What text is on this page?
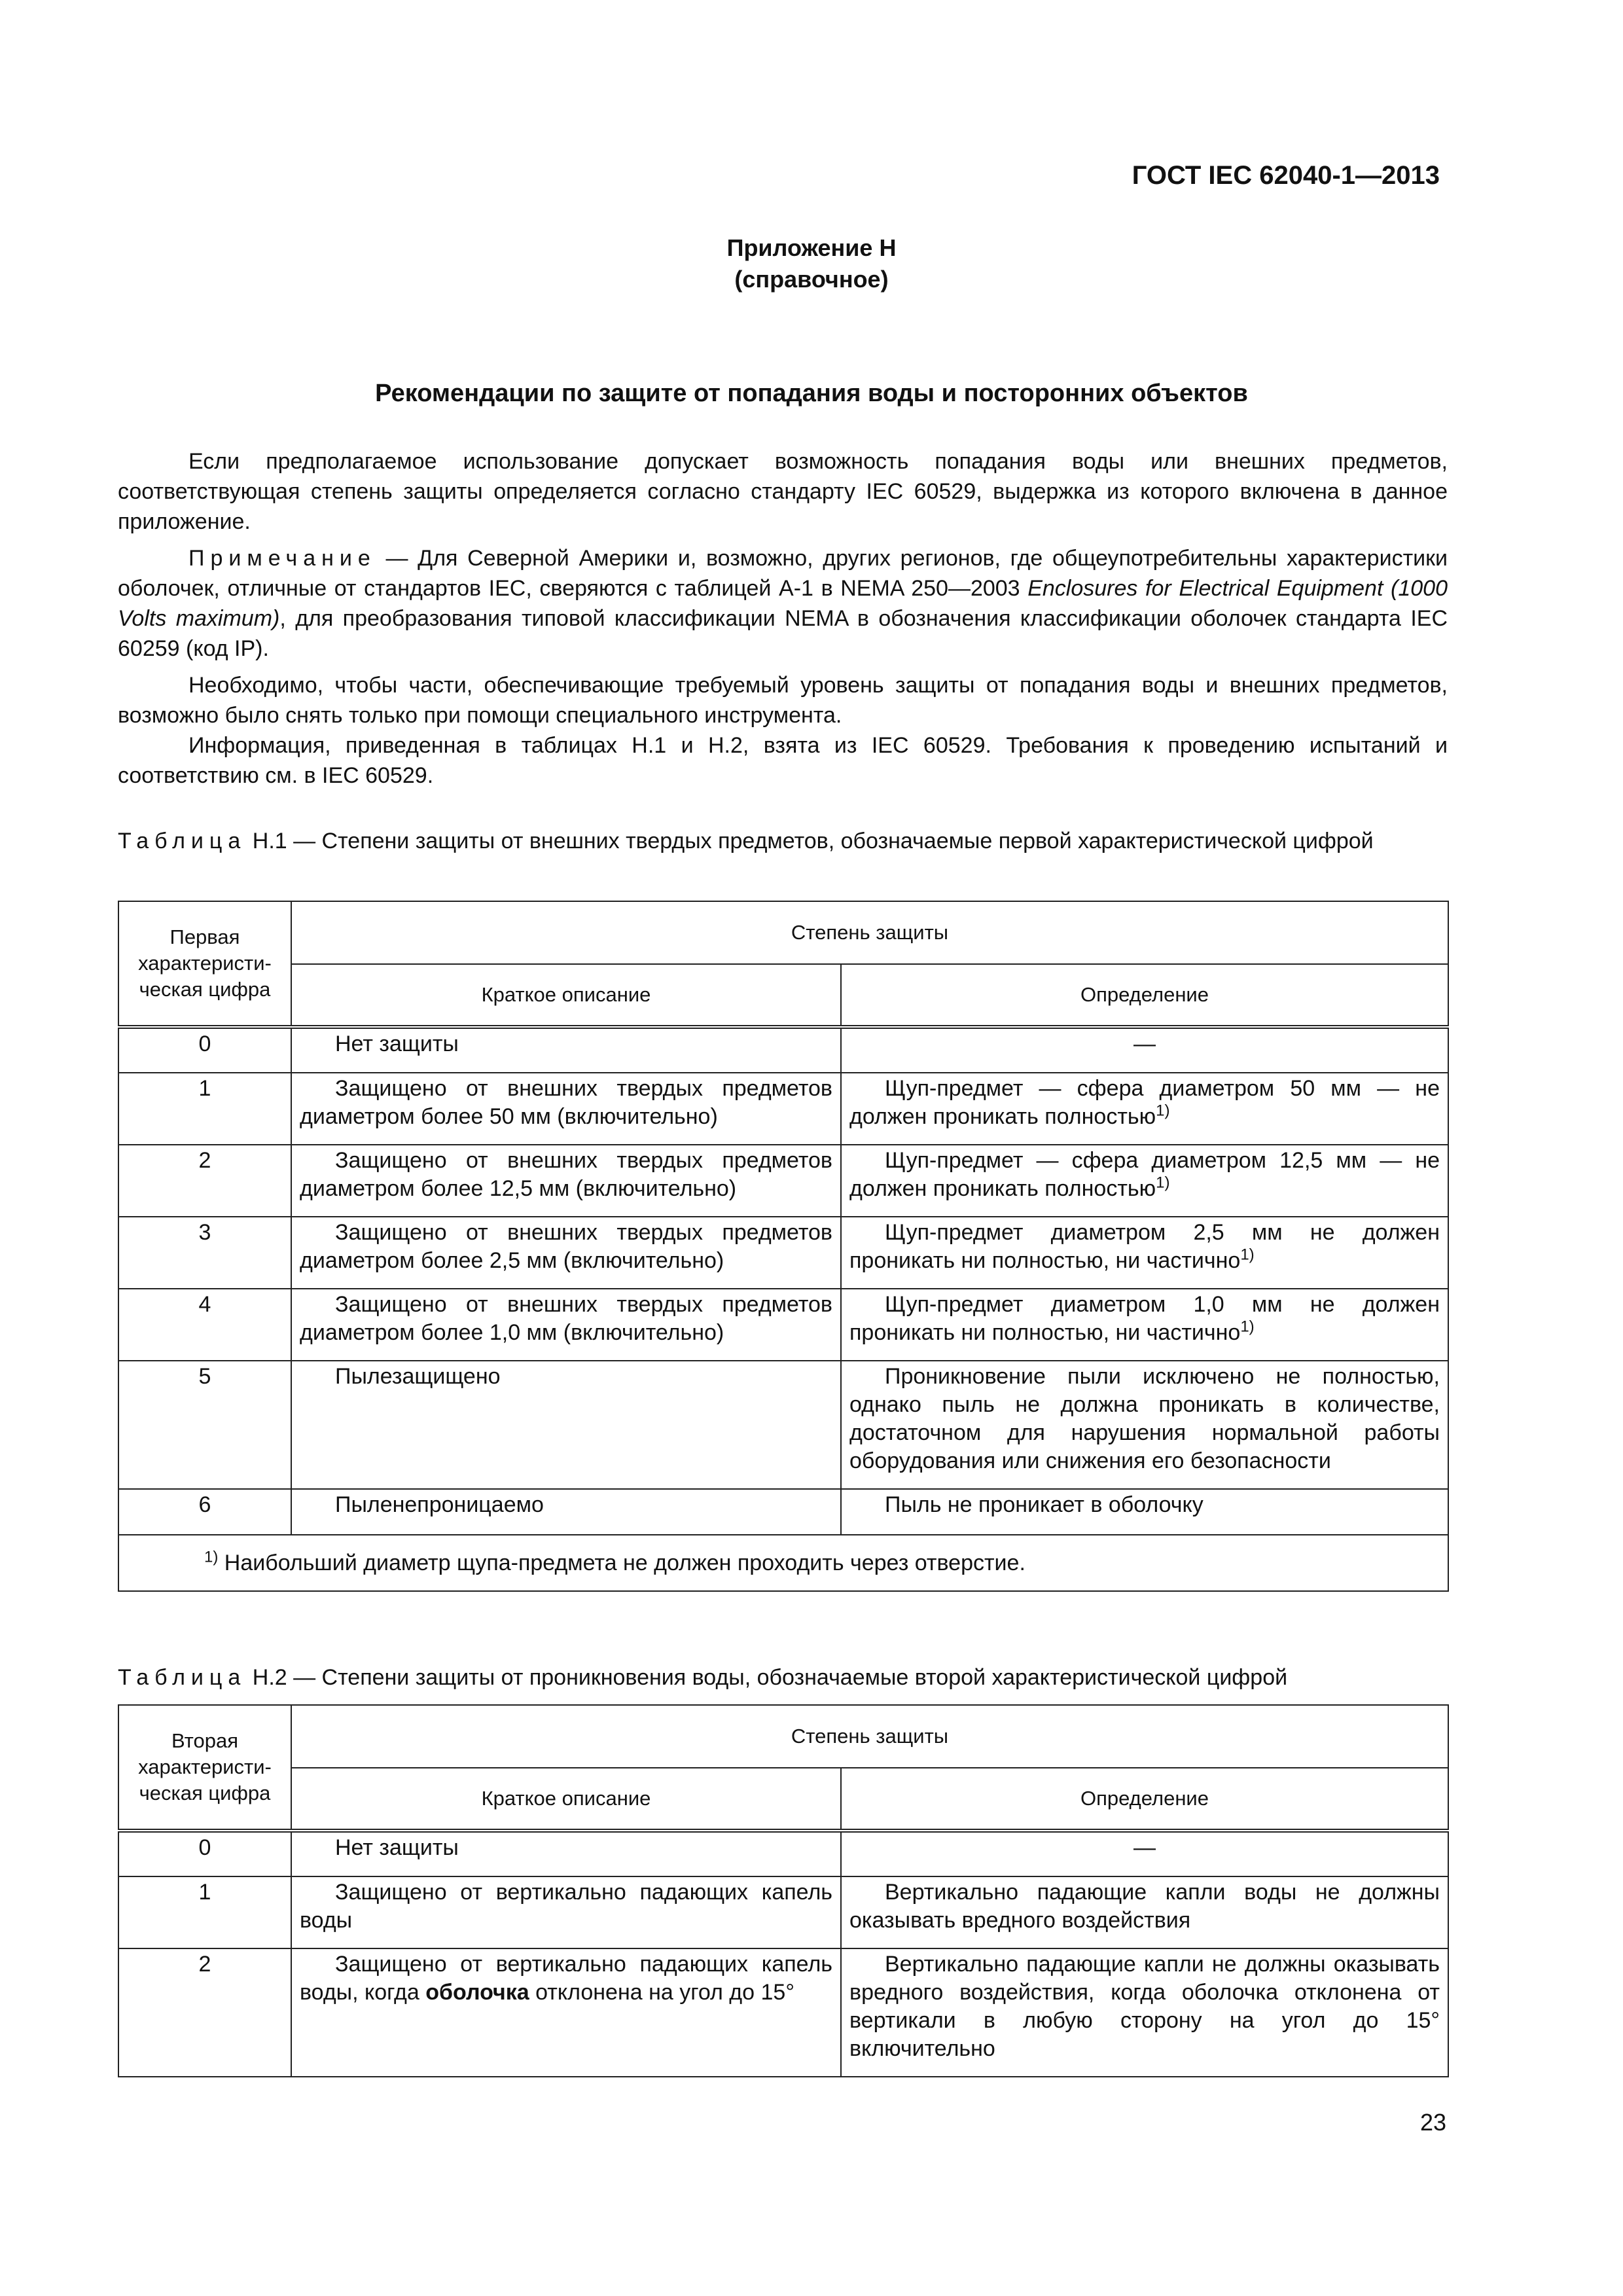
ГОСТ IEC 62040-1—2013
Приложение Н
(справочное)
Рекомендации по защите от попадания воды и посторонних объектов

Если предполагаемое использование допускает возможность попадания воды или внешних предметов, соответствующая степень защиты определяется согласно стандарту IEC 60529, выдержка из которого включена в данное приложение.

Примечание — Для Северной Америки и, возможно, других регионов, где общеупотребительны характеристики оболочек, отличные от стандартов IEC, сверяются с таблицей А-1 в NEMA 250—2003 Enclosures for Electrical Equipment (1000 Volts maximum), для преобразования типовой классификации NEMA в обозначения классификации оболочек стандарта IEC 60259 (код IP).

Необходимо, чтобы части, обеспечивающие требуемый уровень защиты от попадания воды и внешних предметов, возможно было снять только при помощи специального инструмента.

Информация, приведенная в таблицах Н.1 и Н.2, взята из IEC 60529. Требования к проведению испытаний и соответствию см. в IEC 60529.

Таблица Н.1 — Степени защиты от внешних твердых предметов, обозначаемые первой характеристической цифрой
Первая характеристи-ческая цифра	Степень защиты	
	Краткое описание	Определение
0	Нет защиты	—
1	Защищено от внешних твердых предметов диаметром более 50 мм (включительно)	Щуп-предмет — сфера диаметром 50 мм — не должен проникать полностью$^{1)}$
2	Защищено от внешних твердых предметов диаметром более 12,5 мм (включительно)	Щуп-предмет — сфера диаметром 12,5 мм — не должен проникать полностью$^{1)}$
3	Защищено от внешних твердых предметов диаметром более 2,5 мм (включительно)	Щуп-предмет диаметром 2,5 мм не должен проникать ни полностью, ни частично$^{1)}$
4	Защищено от внешних твердых предметов диаметром более 1,0 мм (включительно)	Щуп-предмет диаметром 1,0 мм не должен проникать ни полностью, ни частично$^{1)}$
5	Пылезащищено	Проникновение пыли исключено не полностью, однако пыль не должна проникать в количестве, достаточном для нарушения нормальной работы оборудования или снижения его безопасности
6	Пыленепроницаемо	Пыль не проникает в оболочку
$^{1)}$ Наибольший диаметр щупа-предмета не должен проходить через отверстие.		
Таблица Н.2 — Степени защиты от проникновения воды, обозначаемые второй характеристической цифрой
Вторая характеристи-ческая цифра	Степень защиты	
	Краткое описание	Определение
0	Нет защиты	—
1	Защищено от вертикально падающих капель воды	Вертикально падающие капли воды не должны оказывать вредного воздействия
2	Защищено от вертикально падающих капель воды, когда оболочка отклонена на угол до 15°	Вертикально падающие капли не должны оказывать вредного воздействия, когда оболочка отклонена от вертикали в любую сторону на угол до 15° включительно
23
